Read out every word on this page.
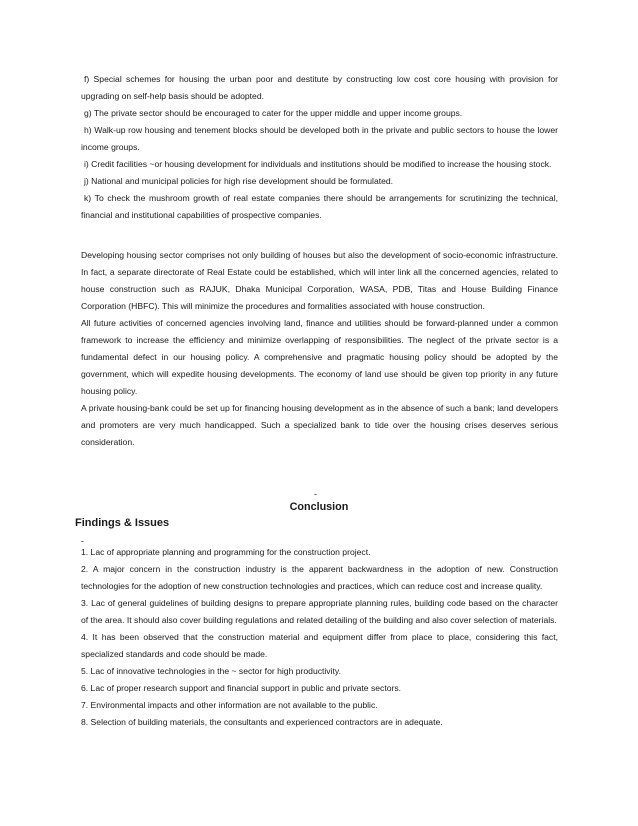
f) Special schemes for housing the urban poor and destitute by constructing low cost core housing with provision for upgrading on self-help basis should be adopted.

g) The private sector should be encouraged to cater for the upper middle and upper income groups.

h) Walk-up row housing and tenement blocks should be developed both in the private and public sectors to house the lower income groups.

i) Credit facilities ~or housing development for individuals and institutions should be modified to increase the housing stock.

j) National and municipal policies for high rise development should be formulated.

k) To check the mushroom growth of real estate companies there should be arrangements for scrutinizing the technical, financial and institutional capabilities of prospective companies.

Developing housing sector comprises not only building of houses but also the development of socio-economic infrastructure. In fact, a separate directorate of Real Estate could be established, which will inter link all the concerned agencies, related to house construction such as RAJUK, Dhaka Municipal Corporation, WASA, PDB, Titas and House Building Finance Corporation (HBFC). This will minimize the procedures and formalities associated with house construction.

All future activities of concerned agencies involving land, finance and utilities should be forward-planned under a common framework to increase the efficiency and minimize overlapping of responsibilities. The neglect of the private sector is a fundamental defect in our housing policy. A comprehensive and pragmatic housing policy should be adopted by the government, which will expedite housing developments. The economy of land use should be given top priority in any future housing policy.

A private housing-bank could be set up for financing housing development as in the absence of such a bank; land developers and promoters are very much handicapped. Such a specialized bank to tide over the housing crises deserves serious consideration.

-
Conclusion
Findings & Issues
-

1. Lac of appropriate planning and programming for the construction project.

2. A major concern in the construction industry is the apparent backwardness in the adoption of new. Construction technologies for the adoption of new construction technologies and practices, which can reduce cost and increase quality.

3. Lac of general guidelines of building designs to prepare appropriate planning rules, building code based on the character of the area. It should also cover building regulations and related detailing of the building and also cover selection of materials.

4. It has been observed that the construction material and equipment differ from place to place, considering this fact, specialized standards and code should be made.

5. Lac of innovative technologies in the ~ sector for high productivity.

6. Lac of proper research support and financial support in public and private sectors.

7. Environmental impacts and other information are not available to the public.

8. Selection of building materials, the consultants and experienced contractors are in adequate.
